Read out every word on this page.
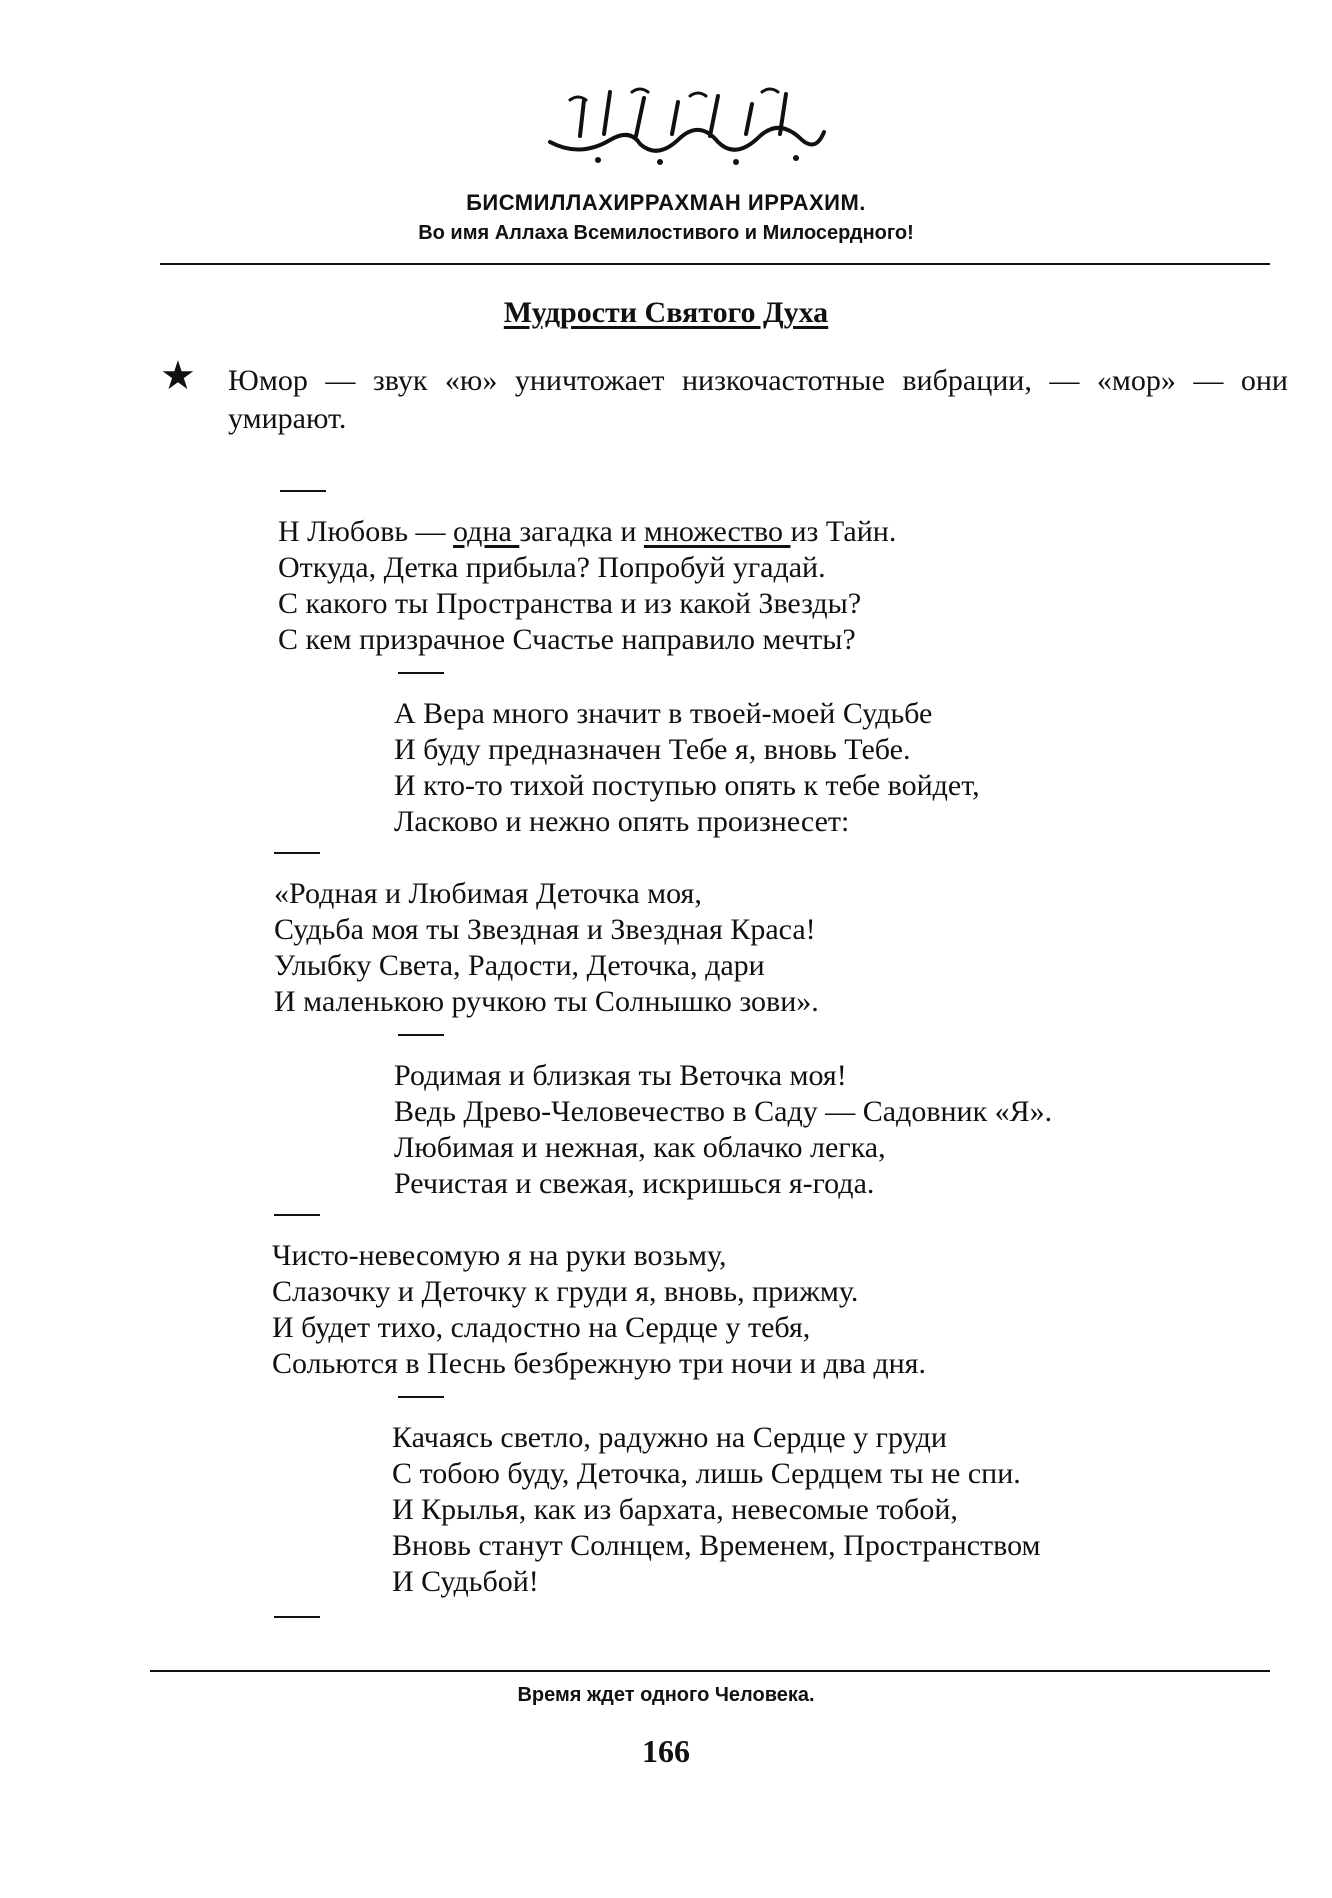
БИСМИЛЛАХИРРАХМАН ИРРАХИМ.
Во имя Аллаха Всемилостивого и Милосердного!
Мудрости Святого Духа
★ Юмор — звук «ю» уничтожает низкочастотные вибрации, — «мор» — они умирают.
Н Любовь — одна загадка и множество из Тайн.
Откуда, Детка прибыла? Попробуй угадай.
С какого ты Пространства и из какой Звезды?
С кем призрачное Счастье направило мечты?
А Вера много значит в твоей-моей Судьбе
И буду предназначен Тебе я, вновь Тебе.
И кто-то тихой поступью опять к тебе войдет,
Ласково и нежно опять произнесет:
«Родная и Любимая Деточка моя,
Судьба моя ты Звездная и Звездная Краса!
Улыбку Света, Радости, Деточка, дари
И маленькою ручкою ты Солнышко зови».
Родимая и близкая ты Веточка моя!
Ведь Древо-Человечество в Саду — Садовник «Я».
Любимая и нежная, как облачко легка,
Речистая и свежая, искришься я-года.
Чисто-невесомую я на руки возьму,
Слазочку и Деточку к груди я, вновь, прижму.
И будет тихо, сладостно на Сердце у тебя,
Сольются в Песнь безбрежную три ночи и два дня.
Качаясь светло, радужно на Сердце у груди
С тобою буду, Деточка, лишь Сердцем ты не спи.
И Крылья, как из бархата, невесомые тобой,
Вновь станут Солнцем, Временем, Пространством
И Судьбой!
Время ждет одного Человека.
166
